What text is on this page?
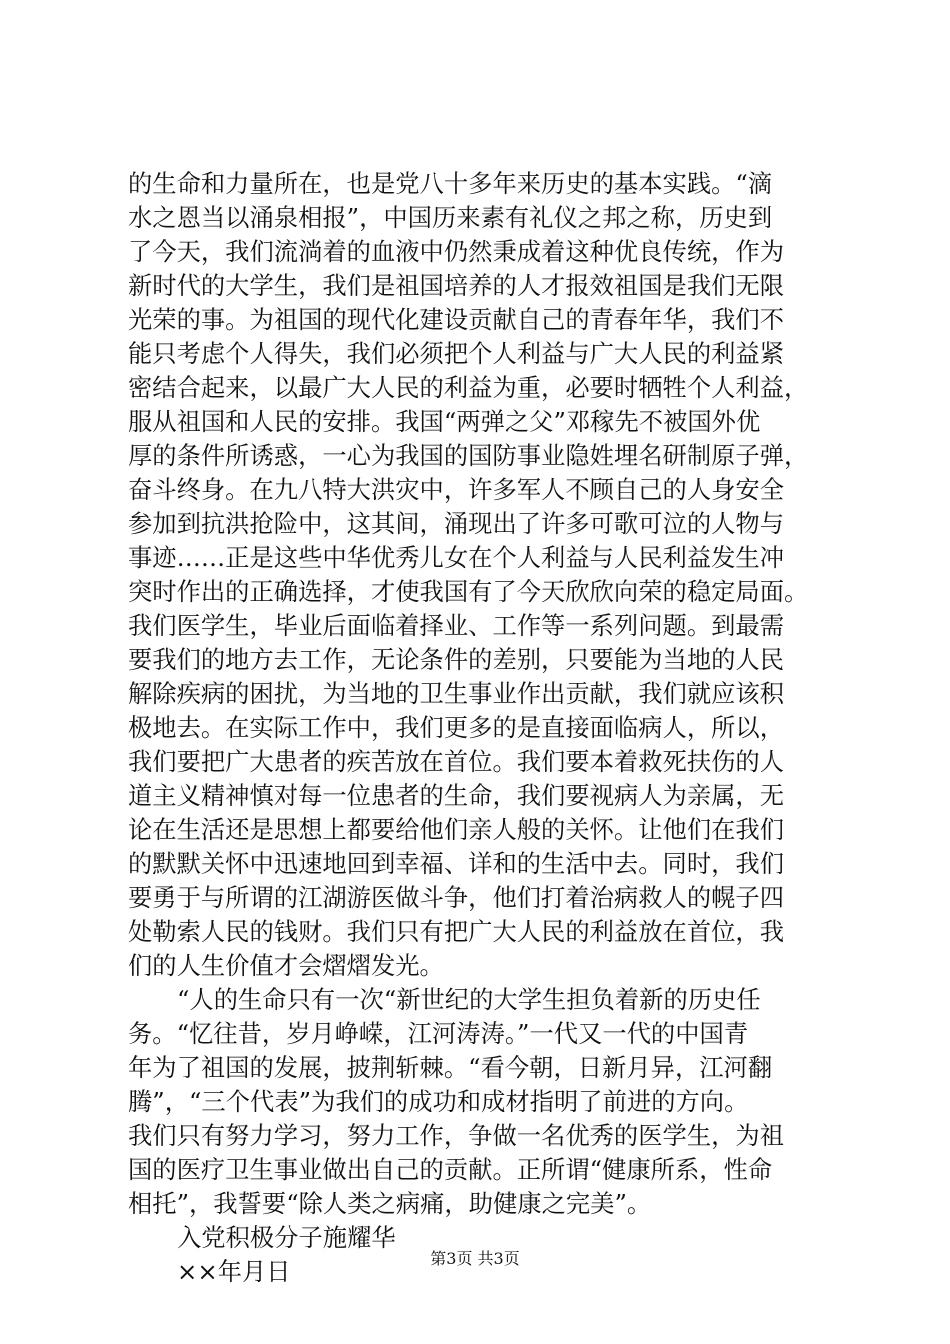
的生命和力量所在，也是党八十多年来历史的基本实践。“滴
水之恩当以涌泉相报”，中国历来素有礼仪之邦之称，历史到
了今天，我们流淌着的血液中仍然秉成着这种优良传统，作为
新时代的大学生，我们是祖国培养的人才报效祖国是我们无限
光荣的事。为祖国的现代化建设贡献自己的青春年华，我们不
能只考虑个人得失，我们必须把个人利益与广大人民的利益紧
密结合起来，以最广大人民的利益为重，必要时牺牲个人利益，
服从祖国和人民的安排。我国“两弹之父”邓稼先不被国外优
厚的条件所诱惑，一心为我国的国防事业隐姓埋名研制原子弹，
奋斗终身。在九八特大洪灾中，许多军人不顾自己的人身安全
参加到抗洪抢险中，这其间，涌现出了许多可歌可泣的人物与
事迹……正是这些中华优秀儿女在个人利益与人民利益发生冲
突时作出的正确选择，才使我国有了今天欣欣向荣的稳定局面。
我们医学生，毕业后面临着择业、工作等一系列问题。到最需
要我们的地方去工作，无论条件的差别，只要能为当地的人民
解除疾病的困扰，为当地的卫生事业作出贡献，我们就应该积
极地去。在实际工作中，我们更多的是直接面临病人，所以，
我们要把广大患者的疾苦放在首位。我们要本着救死扶伤的人
道主义精神慎对每一位患者的生命，我们要视病人为亲属，无
论在生活还是思想上都要给他们亲人般的关怀。让他们在我们
的默默关怀中迅速地回到幸福、详和的生活中去。同时，我们
要勇于与所谓的江湖游医做斗争，他们打着治病救人的幌子四
处勒索人民的钱财。我们只有把广大人民的利益放在首位，我
们的人生价值才会熠熠发光。
“人的生命只有一次“新世纪的大学生担负着新的历史任
务。“忆往昔，岁月峥嵘，江河涛涛。”一代又一代的中国青
年为了祖国的发展，披荆斩棘。“看今朝，日新月异，江河翻
腾”，“三个代表”为我们的成功和成材指明了前进的方向。
我们只有努力学习，努力工作，争做一名优秀的医学生，为祖
国的医疗卫生事业做出自己的贡献。正所谓“健康所系，性命
相托”，我誓要“除人类之病痛，助健康之完美”。
入党积极分子施耀华
××年月日	第3页 共3页
